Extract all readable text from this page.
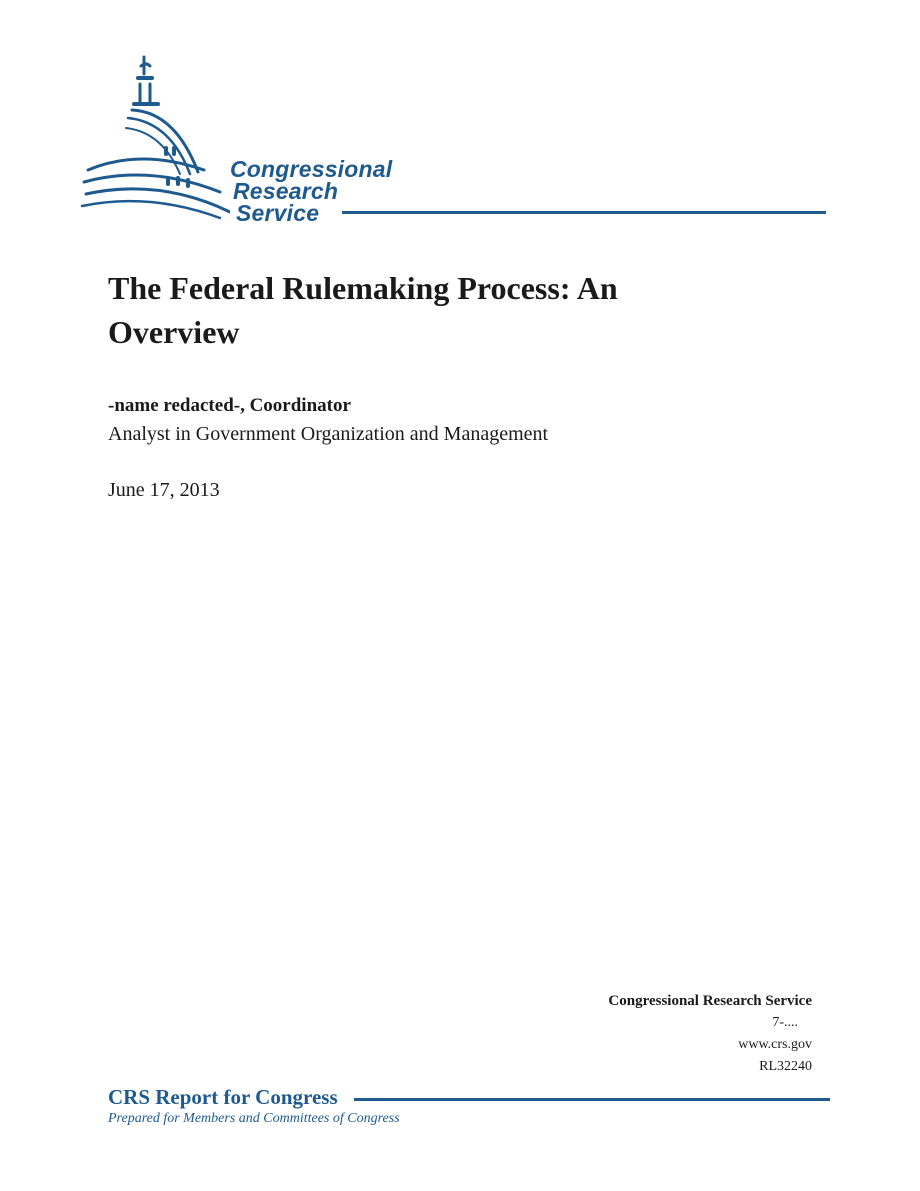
Congressional
Research
Service
The Federal Rulemaking Process: An Overview
-name redacted-, Coordinator
Analyst in Government Organization and Management
June 17, 2013
Congressional Research Service
7-....
www.crs.gov
RL32240
CRS Report for Congress
Prepared for Members and Committees of Congress
